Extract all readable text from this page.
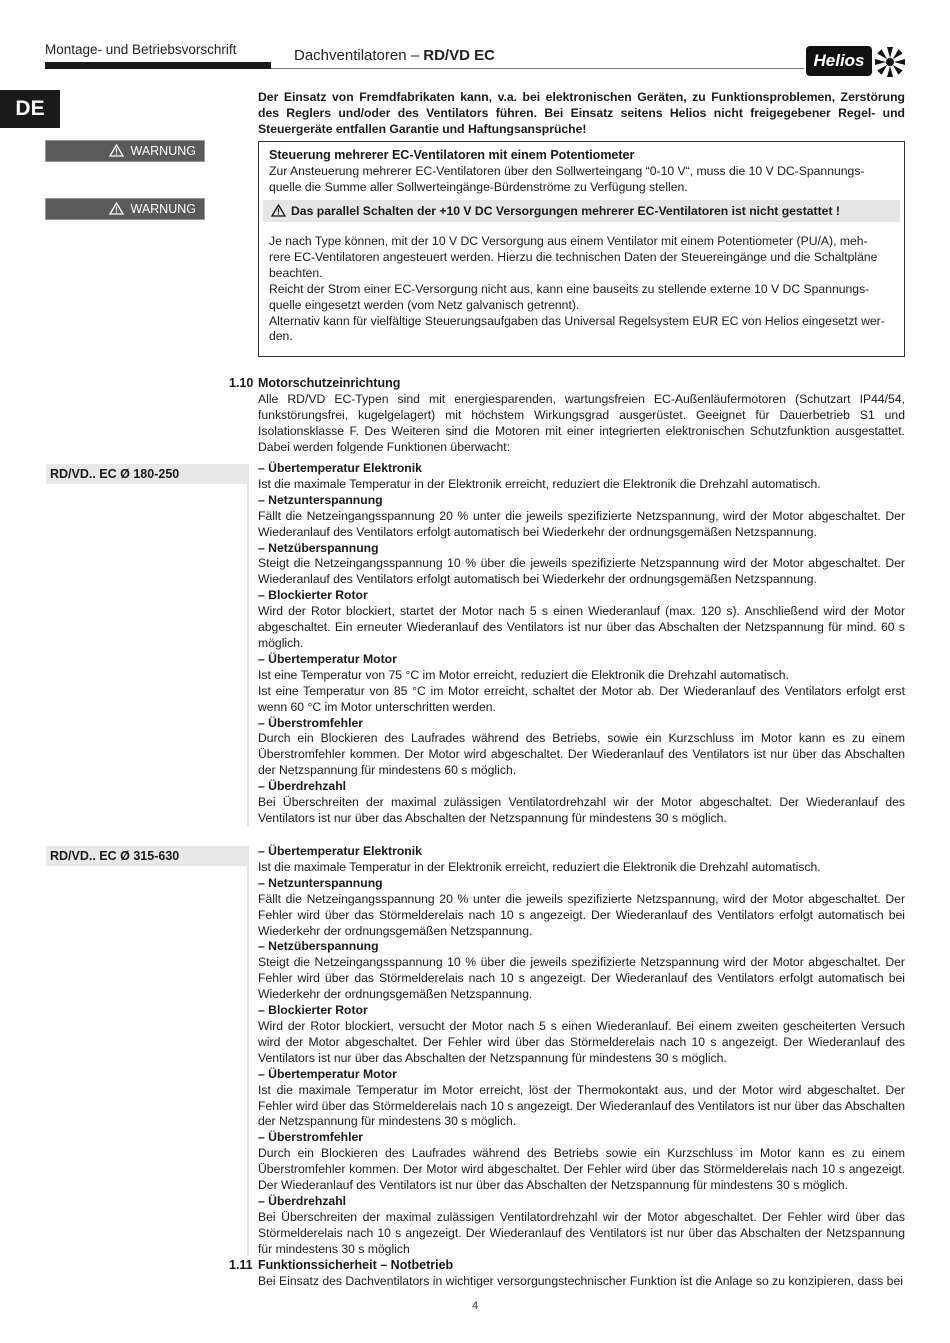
Montage- und Betriebsvorschrift	Dachventilatoren – RD/VD EC	Helios
DE
WARNUNG
WARNUNG
Der Einsatz von Fremdfabrikaten kann, v.a. bei elektronischen Geräten, zu Funktionsproblemen, Zerstörung des Reglers und/oder des Ventilators führen. Bei Einsatz seitens Helios nicht freigegebener Regel- und Steuergeräte entfallen Garantie und Haftungsansprüche!
Steuerung mehrerer EC-Ventilatoren mit einem Potentiometer
Zur Ansteuerung mehrerer EC-Ventilatoren über den Sollwerteingang “0-10 V“, muss die 10 V DC-Spannungs-
quelle die Summe aller Sollwerteingänge-Bürdenströme zu Verfügung stellen.
Das parallel Schalten der +10 V DC Versorgungen mehrerer EC-Ventilatoren ist nicht gestattet !
Je nach Type können, mit der 10 V DC Versorgung aus einem Ventilator mit einem Potentiometer (PU/A), meh-
rere EC-Ventilatoren angesteuert werden. Hierzu die technischen Daten der Steuereingänge und die Schaltpläne
beachten.
Reicht der Strom einer EC-Versorgung nicht aus, kann eine bauseits zu stellende externe 10 V DC Spannungs-
quelle eingesetzt werden (vom Netz galvanisch getrennt).
Alternativ kann für vielfältige Steuerungsaufgaben das Universal Regelsystem EUR EC von Helios eingesetzt wer-
den.
1.10 Motorschutzeinrichtung
Alle RD/VD EC-Typen sind mit energiesparenden, wartungsfreien EC-Außenläufermotoren (Schutzart IP44/54, funkstörungsfrei, kugelgelagert) mit höchstem Wirkungsgrad ausgerüstet. Geeignet für Dauerbetrieb S1 und Isolationsklasse F. Des Weiteren sind die Motoren mit einer integrierten elektronischen Schutzfunktion ausgestattet. Dabei werden folgende Funktionen überwacht:
RD/VD.. EC Ø 180-250	– Übertemperatur Elektronik
Ist die maximale Temperatur in der Elektronik erreicht, reduziert die Elektronik die Drehzahl automatisch.
– Netzunterspannung
Fällt die Netzeingangsspannung 20 % unter die jeweils spezifizierte Netzspannung, wird der Motor abgeschaltet. Der Wiederanlauf des Ventilators erfolgt automatisch bei Wiederkehr der ordnungsgemäßen Netzspannung.
– Netzüberspannung
Steigt die Netzeingangsspannung 10 % über die jeweils spezifizierte Netzspannung wird der Motor abgeschaltet. Der Wiederanlauf des Ventilators erfolgt automatisch bei Wiederkehr der ordnungsgemäßen Netzspannung.
– Blockierter Rotor
Wird der Rotor blockiert, startet der Motor nach 5 s einen Wiederanlauf (max. 120 s). Anschließend wird der Motor abgeschaltet. Ein erneuter Wiederanlauf des Ventilators ist nur über das Abschalten der Netzspannung für mind. 60 s möglich.
– Übertemperatur Motor
Ist eine Temperatur von 75 °C im Motor erreicht, reduziert die Elektronik die Drehzahl automatisch.
Ist eine Temperatur von 85 °C im Motor erreicht, schaltet der Motor ab. Der Wiederanlauf des Ventilators erfolgt erst wenn 60 °C im Motor unterschritten werden.
– Überstromfehler
Durch ein Blockieren des Laufrades während des Betriebs, sowie ein Kurzschluss im Motor kann es zu einem Überstromfehler kommen. Der Motor wird abgeschaltet. Der Wiederanlauf des Ventilators ist nur über das Abschalten der Netzspannung für mindestens 60 s möglich.
– Überdrehzahl
Bei Überschreiten der maximal zulässigen Ventilatordrehzahl wir der Motor abgeschaltet. Der Wiederanlauf des Ventilators ist nur über das Abschalten der Netzspannung für mindestens 30 s möglich.
RD/VD.. EC Ø 315-630	– Übertemperatur Elektronik
Ist die maximale Temperatur in der Elektronik erreicht, reduziert die Elektronik die Drehzahl automatisch.
– Netzunterspannung
Fällt die Netzeingangsspannung 20 % unter die jeweils spezifizierte Netzspannung, wird der Motor abgeschaltet. Der Fehler wird über das Störmelderelais nach 10 s angezeigt. Der Wiederanlauf des Ventilators erfolgt automatisch bei Wiederkehr der ordnungsgemäßen Netzspannung.
– Netzüberspannung
Steigt die Netzeingangsspannung 10 % über die jeweils spezifizierte Netzspannung wird der Motor abgeschaltet. Der Fehler wird über das Störmelderelais nach 10 s angezeigt. Der Wiederanlauf des Ventilators erfolgt automatisch bei Wiederkehr der ordnungsgemäßen Netzspannung.
– Blockierter Rotor
Wird der Rotor blockiert, versucht der Motor nach 5 s einen Wiederanlauf. Bei einem zweiten gescheiterten Versuch wird der Motor abgeschaltet. Der Fehler wird über das Störmelderelais nach 10 s angezeigt. Der Wiederanlauf des Ventilators ist nur über das Abschalten der Netzspannung für mindestens 30 s möglich.
– Übertemperatur Motor
Ist die maximale Temperatur im Motor erreicht, löst der Thermokontakt aus, und der Motor wird abgeschaltet. Der Fehler wird über das Störmelderelais nach 10 s angezeigt. Der Wiederanlauf des Ventilators ist nur über das Abschalten der Netzspannung für mindestens 30 s möglich.
– Überstromfehler
Durch ein Blockieren des Laufrades während des Betriebs sowie ein Kurzschluss im Motor kann es zu einem Überstromfehler kommen. Der Motor wird abgeschaltet. Der Fehler wird über das Störmelderelais nach 10 s angezeigt. Der Wiederanlauf des Ventilators ist nur über das Abschalten der Netzspannung für mindestens 30 s möglich.
– Überdrehzahl
Bei Überschreiten der maximal zulässigen Ventilatordrehzahl wir der Motor abgeschaltet. Der Fehler wird über das Störmelderelais nach 10 s angezeigt. Der Wiederanlauf des Ventilators ist nur über das Abschalten der Netzspannung für mindestens 30 s möglich
1.11 Funktionssicherheit – Notbetrieb
Bei Einsatz des Dachventilators in wichtiger versorgungstechnischer Funktion ist die Anlage so zu konzipieren, dass bei
4
